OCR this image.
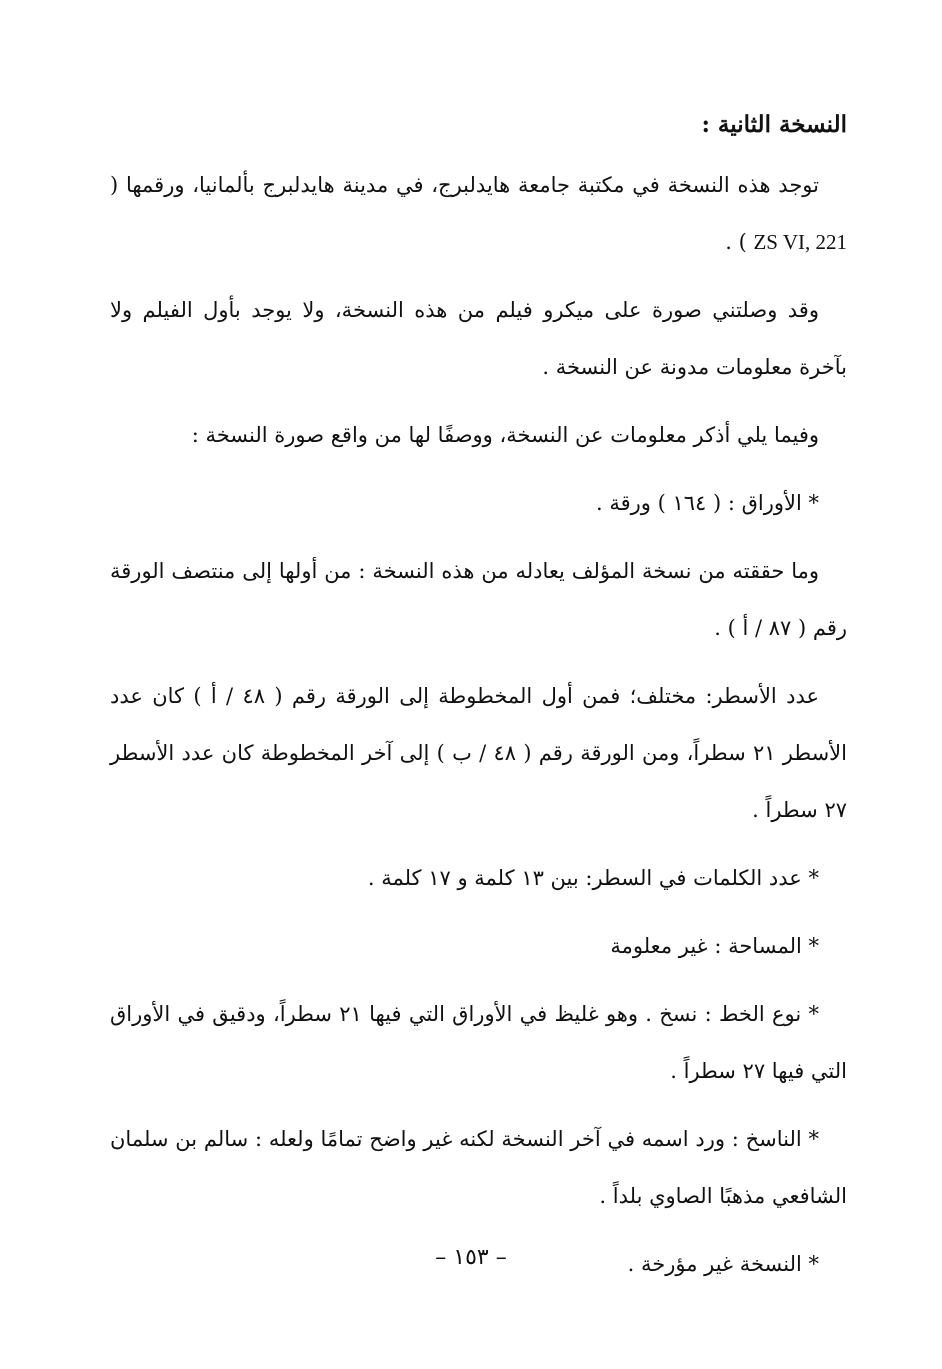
النسخة الثانية :

توجد هذه النسخة في مكتبة جامعة هايدلبرج، في مدينة هايدلبرج بألمانيا، ورقمها ( ZS VI, 221 ) .

وقد وصلتني صورة على ميكرو فيلم من هذه النسخة، ولا يوجد بأول الفيلم ولا بآخرة معلومات مدونة عن النسخة .

وفيما يلي أذكر معلومات عن النسخة، ووصفًا لها من واقع صورة النسخة :

* الأوراق : ( ١٦٤ ) ورقة .

وما حققته من نسخة المؤلف يعادله من هذه النسخة : من أولها إلى منتصف الورقة رقم ( ٨٧ / أ ) .

عدد الأسطر: مختلف؛ فمن أول المخطوطة إلى الورقة رقم ( ٤٨ / أ ) كان عدد الأسطر ٢١ سطراً، ومن الورقة رقم ( ٤٨ / ب ) إلى آخر المخطوطة كان عدد الأسطر ٢٧ سطراً .

* عدد الكلمات في السطر: بين ١٣ كلمة و ١٧ كلمة .

* المساحة : غير معلومة

* نوع الخط : نسخ . وهو غليظ في الأوراق التي فيها ٢١ سطراً، ودقيق في الأوراق التي فيها ٢٧ سطراً .

* الناسخ : ورد اسمه في آخر النسخة لكنه غير واضح تمامًا ولعله : سالم بن سلمان الشافعي مذهبًا الصاوي بلداً .

* النسخة غير مؤرخة .

– ١٥٣ –
